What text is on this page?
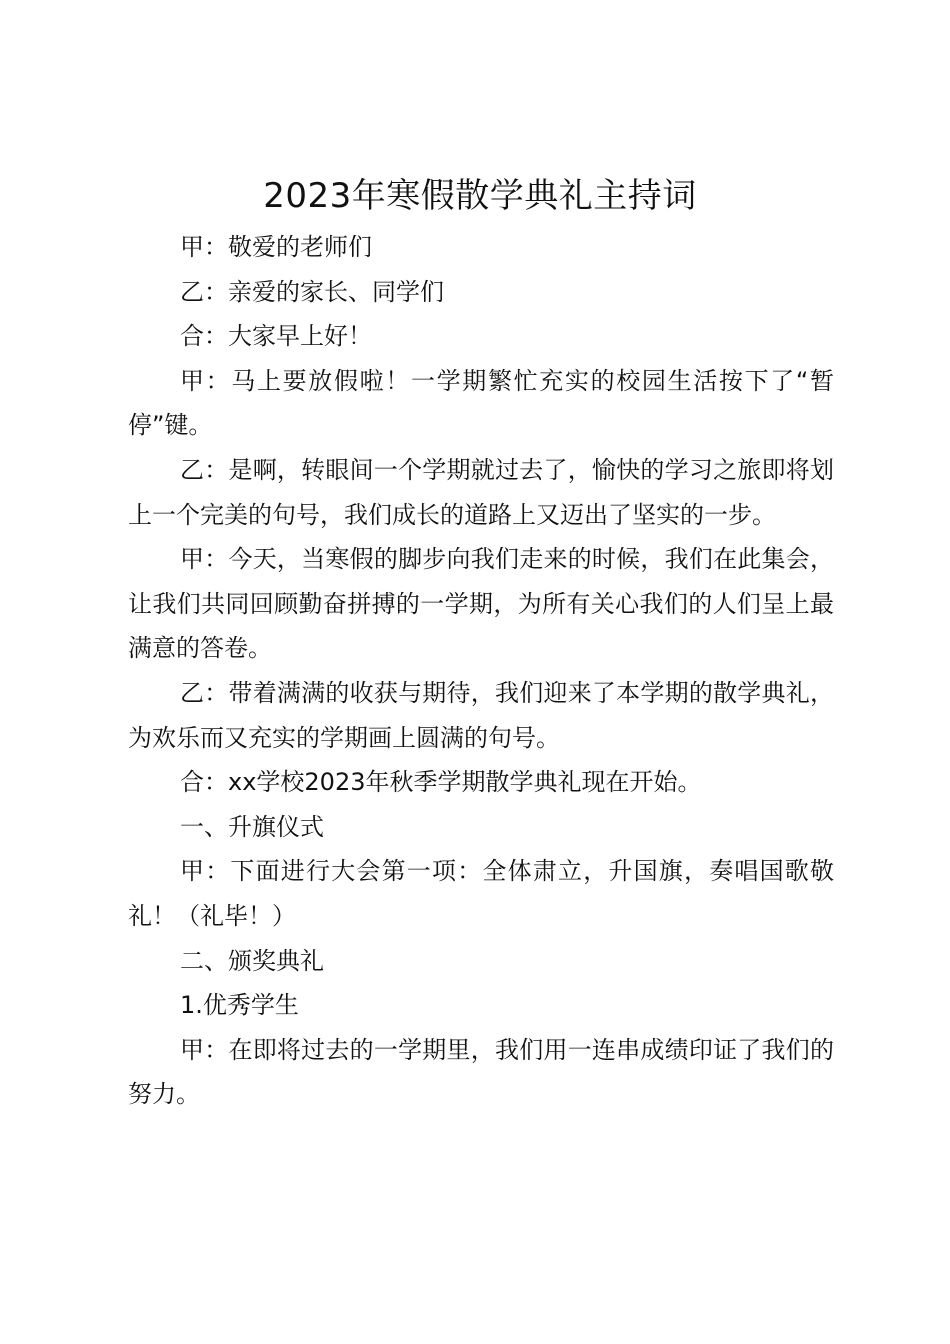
2023年寒假散学典礼主持词

甲：敬爱的老师们

乙：亲爱的家长、同学们

合：大家早上好！

甲：马上要放假啦！一学期繁忙充实的校园生活按下了“暂停”键。

乙：是啊，转眼间一个学期就过去了，愉快的学习之旅即将划上一个完美的句号，我们成长的道路上又迈出了坚实的一步。

甲：今天，当寒假的脚步向我们走来的时候，我们在此集会，让我们共同回顾勤奋拼搏的一学期，为所有关心我们的人们呈上最满意的答卷。

乙：带着满满的收获与期待，我们迎来了本学期的散学典礼，为欢乐而又充实的学期画上圆满的句号。

合：xx学校2023年秋季学期散学典礼现在开始。

一、升旗仪式

甲：下面进行大会第一项：全体肃立，升国旗，奏唱国歌敬礼！（礼毕！）

二、颁奖典礼

1.优秀学生

甲：在即将过去的一学期里，我们用一连串成绩印证了我们的努力。
